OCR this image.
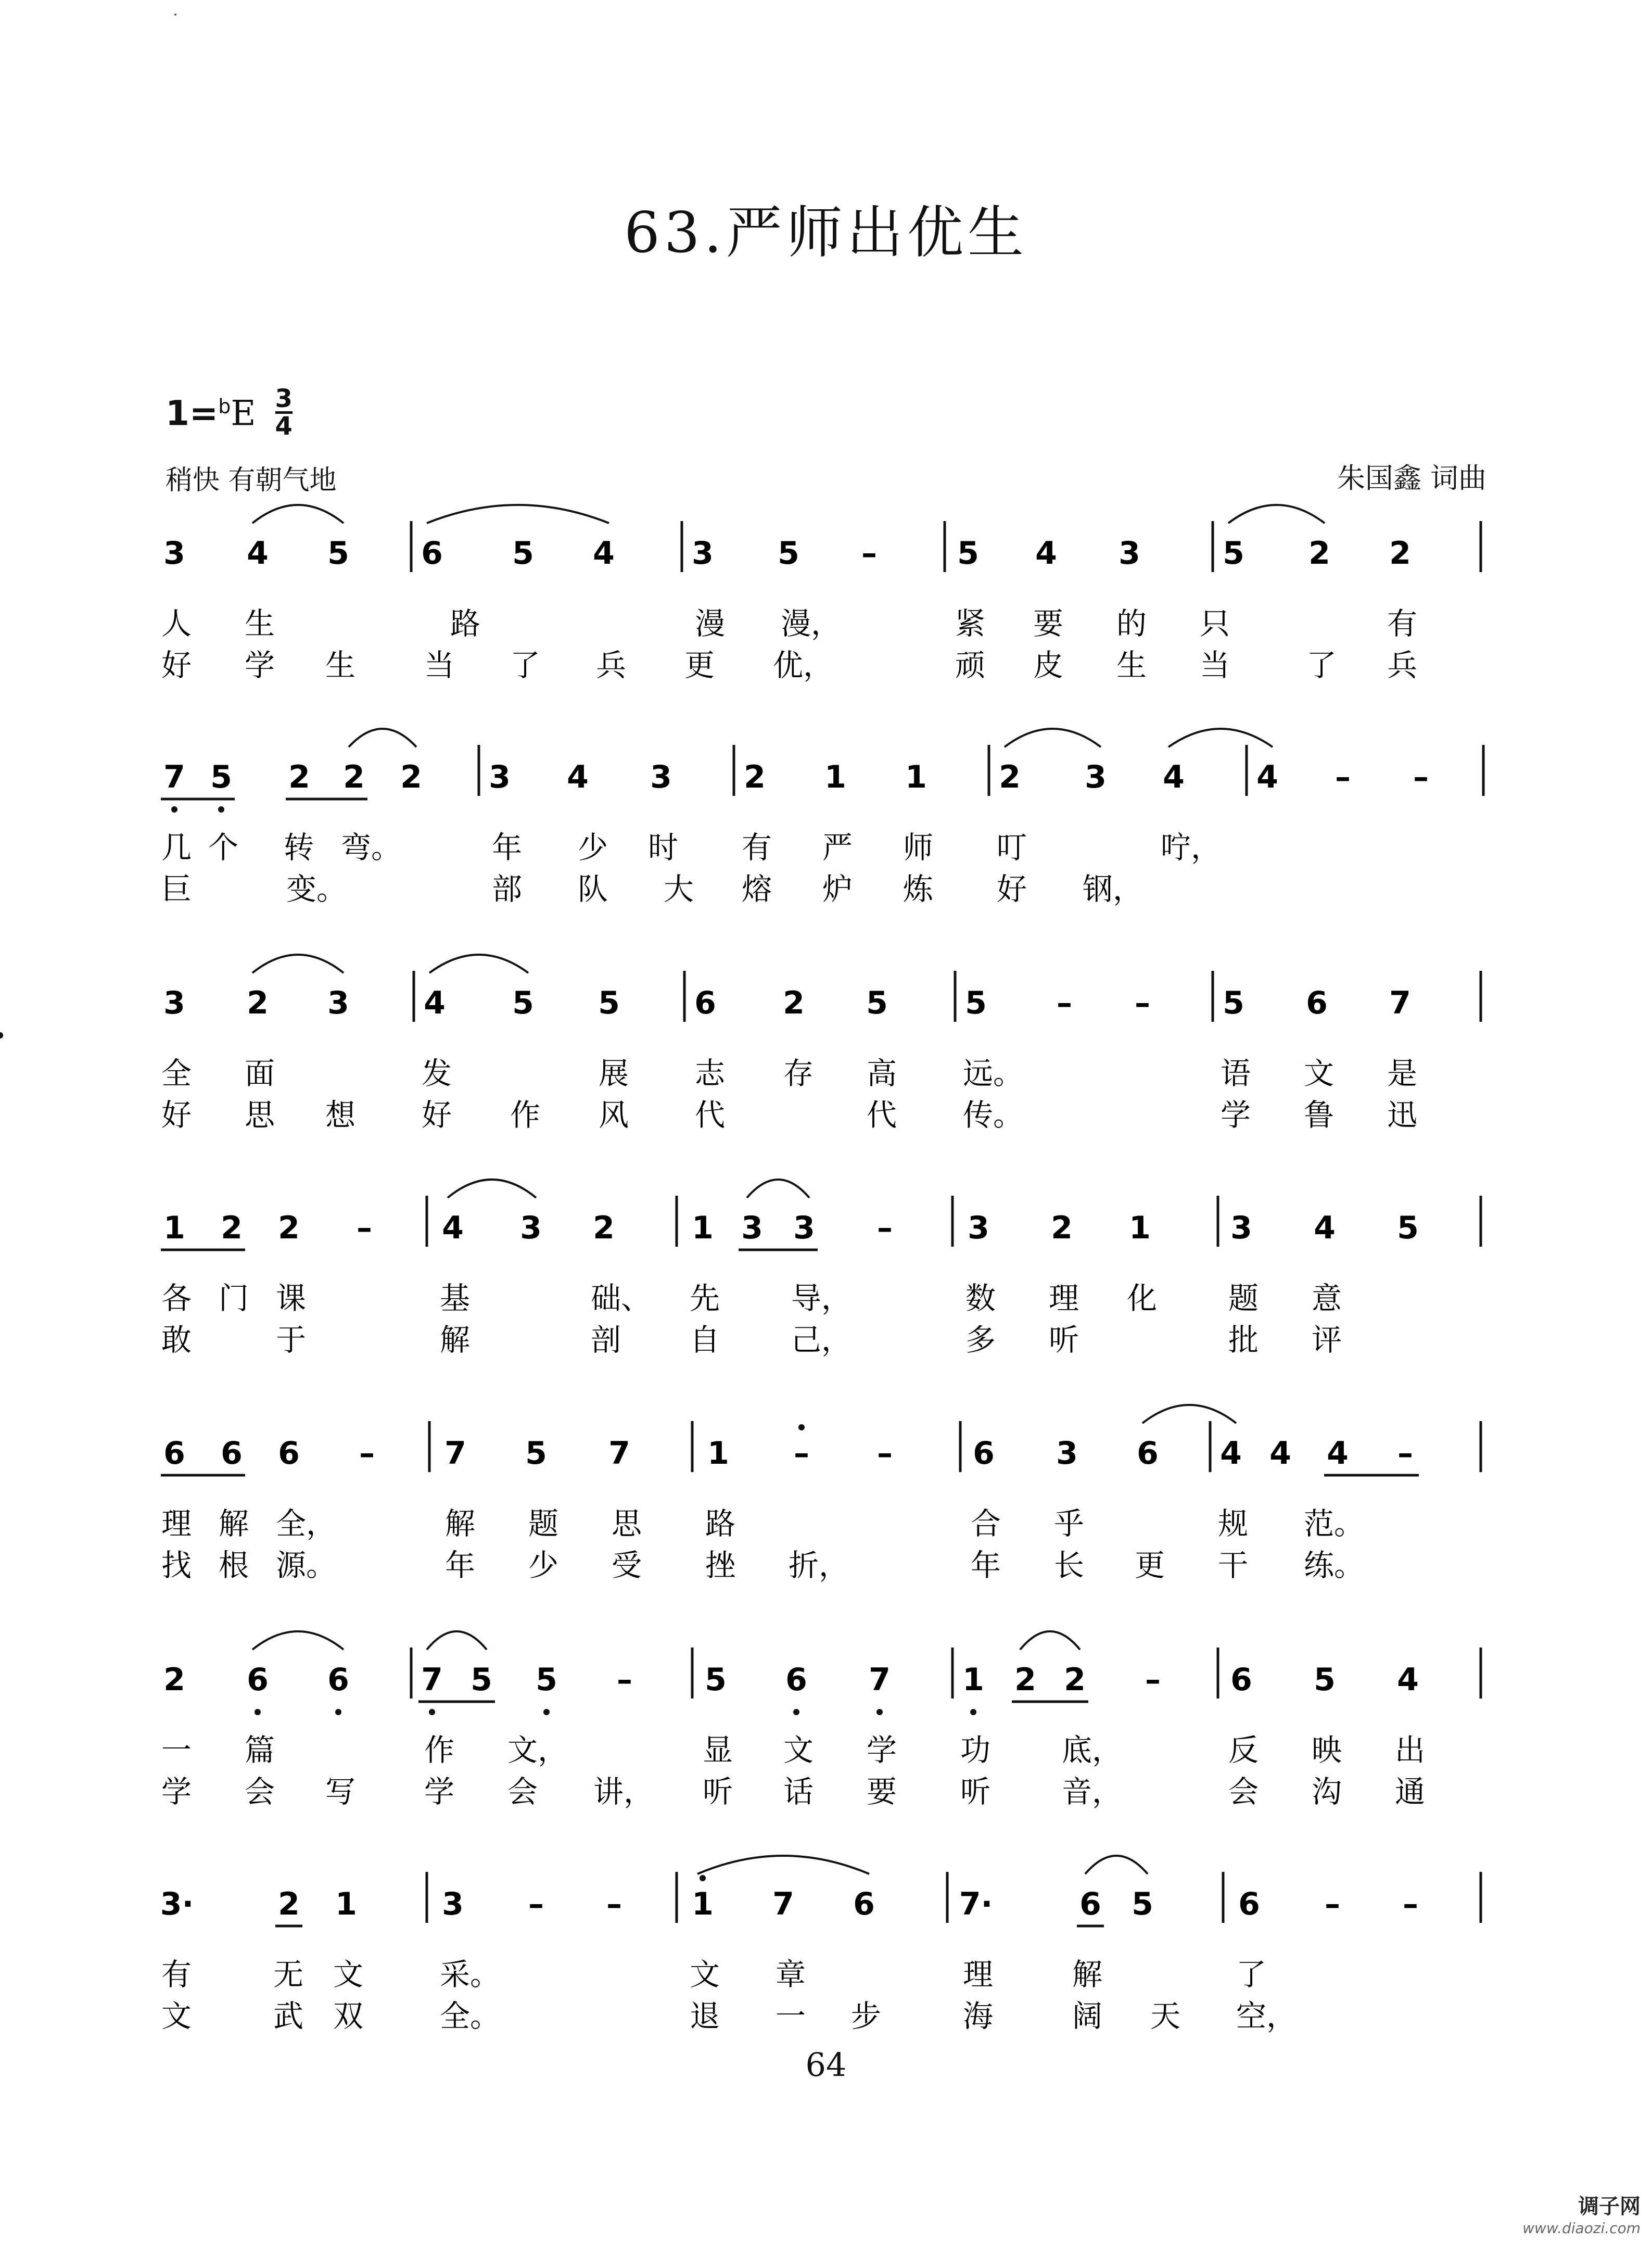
63.严师出优生
$1=^bE \frac{3}{4}$
稍快 有朝气地	朱国鑫 词曲
3 4 5 6 5 4 3 5 –	5 4 3	5 2 2
人 生	路	漫 漫，	紧 要 的 只	有
好 学 生 当 了 兵 更 优，	顽 皮 生 当	了 兵
7 5 2 2 2 3 4 3 2 1 1 2 3 4 4 – –
几 个 转 弯。	年 少 时 有 严 师 叮	咛，
巨	变。	部 队 大 熔 炉 炼 好 钢，
3 2 3 4 5 5 6 2 5 5 – – 5 6 7
全 面	发	展 志 存 高 远。	语 文 是
好 思 想 好 作 风 代	代 传。	学 鲁 迅
1 2 2 – 4 3 2 1 3 3 – 3 2 1	3 4 5
各 门 课	基	础、 先 导，	数 理 化 题 意
敢	于	解	剖 自 己，	多 听	批 评
6 6 6 – 7 5 7 1 – –	6 3 6 4 4 4 –
理 解 全，	解 题 思 路	合 乎	规 范。
找 根 源。	年 少 受 挫 折，	年 长 更 干 练。
2 6 6 7 5 5 – 5 6 7 1 2 2 – 6 5 4
一 篇	作 文，	显 文 学 功 底，	反 映 出
学 会 写 学 会 讲， 听 话 要 听 音，	会 沟 通
3·	2 1	3 – – 1 7 6	7·	6 5	6 – –
有	无 文	采。	文 章	理	解	了
文	武 双	全。	退 一 步	海	阔 天 空，
64
调子网
www.diaozi.com
